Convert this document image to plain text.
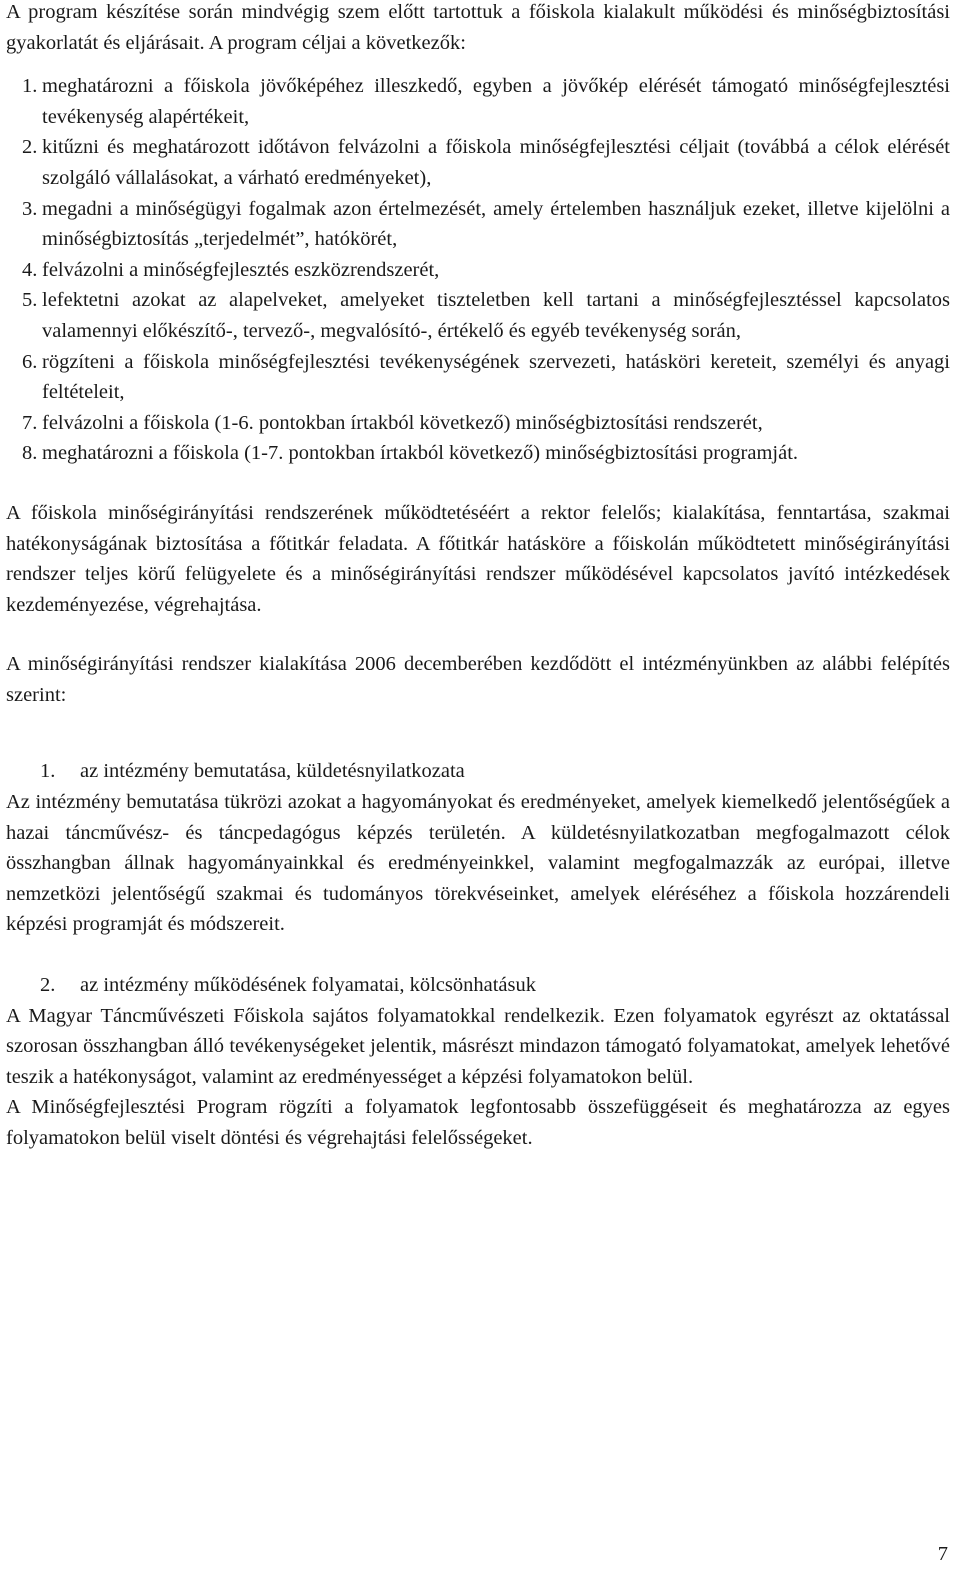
A program készítése során mindvégig szem előtt tartottuk a főiskola kialakult működési és minőségbiztosítási gyakorlatát és eljárásait. A program céljai a következők:

1. meghatározni a főiskola jövőképéhez illeszkedő, egyben a jövőkép elérését támogató minőségfejlesztési tevékenység alapértékeit,
2. kitűzni és meghatározott időtávon felvázolni a főiskola minőségfejlesztési céljait (továbbá a célok elérését szolgáló vállalásokat, a várható eredményeket),
3. megadni a minőségügyi fogalmak azon értelmezését, amely értelemben használjuk ezeket, illetve kijelölni a minőségbiztosítás „terjedelmét”, hatókörét,
4. felvázolni a minőségfejlesztés eszközrendszerét,
5. lefektetni azokat az alapelveket, amelyeket tiszteletben kell tartani a minőségfejlesztéssel kapcsolatos valamennyi előkészítő-, tervező-, megvalósító-, értékelő és egyéb tevékenység során,
6. rögzíteni a főiskola minőségfejlesztési tevékenységének szervezeti, hatásköri kereteit, személyi és anyagi feltételeit,
7. felvázolni a főiskola (1-6. pontokban írtakból következő) minőségbiztosítási rendszerét,
8. meghatározni a főiskola (1-7. pontokban írtakból következő) minőségbiztosítási programját.

A főiskola minőségirányítási rendszerének működtetéséért a rektor felelős; kialakítása, fenntartása, szakmai hatékonyságának biztosítása a főtitkár feladata. A főtitkár hatásköre a főiskolán működtetett minőségirányítási rendszer teljes körű felügyelete és a minőségirányítási rendszer működésével kapcsolatos javító intézkedések kezdeményezése, végrehajtása.

A minőségirányítási rendszer kialakítása 2006 decemberében kezdődött el intézményünkben az alábbi felépítés szerint:

1.	az intézmény bemutatása, küldetésnyilatkozata

Az intézmény bemutatása tükrözi azokat a hagyományokat és eredményeket, amelyek kiemelkedő jelentőségűek a hazai táncművész- és táncpedagógus képzés területén. A küldetésnyilatkozatban megfogalmazott célok összhangban állnak hagyományainkkal és eredményeinkkel, valamint megfogalmazzák az európai, illetve nemzetközi jelentőségű szakmai és tudományos törekvéseinket, amelyek eléréséhez a főiskola hozzárendeli képzési programját és módszereit.

2.	az intézmény működésének folyamatai, kölcsönhatásuk

A Magyar Táncművészeti Főiskola sajátos folyamatokkal rendelkezik. Ezen folyamatok egyrészt az oktatással szorosan összhangban álló tevékenységeket jelentik, másrészt mindazon támogató folyamatokat, amelyek lehetővé teszik a hatékonyságot, valamint az eredményességet a képzési folyamatokon belül.

A Minőségfejlesztési Program rögzíti a folyamatok legfontosabb összefüggéseit és meghatározza az egyes folyamatokon belül viselt döntési és végrehajtási felelősségeket.

7
